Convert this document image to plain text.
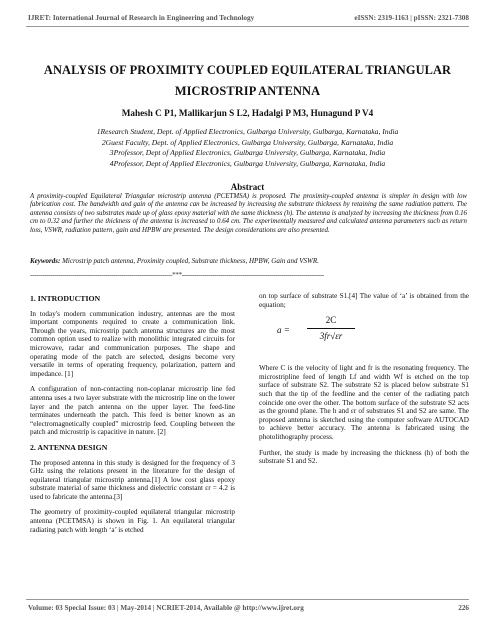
IJRET: International Journal of Research in Engineering and Technology	eISSN: 2319-1163 | pISSN: 2321-7308
ANALYSIS OF PROXIMITY COUPLED EQUILATERAL TRIANGULAR
MICROSTRIP ANTENNA
Mahesh C P1, Mallikarjun S L2, Hadalgi P M3, Hunagund P V4
1Research Student, Dept. of Applied Electronics, Gulbarga University, Gulbarga, Karnataka, India
2Guest Faculty, Dept. of Applied Electronics, Gulbarga University, Gulbarga, Karnataka, India
3Professor, Dept of Applied Electronics, Gulbarga University, Gulbarga, Karnataka, India
4Professor, Dept of Applied Electronics, Gulbarga University, Gulbarga, Karnataka, India
Abstract
A proximity-coupled Equilateral Triangular microstrip antenna (PCETMSA) is proposed. The proximity-coupled antenna is simpler in design with low fabrication cost. The bandwidth and gain of the antenna can be increased by increasing the substrate thickness by retaining the same radiation pattern. The antenna consists of two substrates made up of glass epoxy material with the same thickness (h). The antenna is analyzed by increasing the thickness from 0.16 cm to 0.32 and further the thickness of the antenna is increased to 0.64 cm. The experimentally measured and calculated antenna parameters such as return loss, VSWR, radiation pattern, gain and HPBW are presented. The design considerations are also presented.
Keywords: Microstrip patch antenna, Proximity coupled, Substrate thickness, HPBW, Gain and VSWR.
----------------------------------------------------------------------***----------------------------------------------------------------------
1. INTRODUCTION

In today's modern communication industry, antennas are the most important components required to create a communication link. Through the years, microstrip patch antenna structures are the most common option used to realize with monolithic integrated circuits for microwave, radar and communication purposes. The shape and operating mode of the patch are selected, designs become very versatile in terms of operating frequency, polarization, pattern and impedance. [1]

A configuration of non-contacting non-coplanar microstrip line fed antenna uses a two layer substrate with the microstrip line on the lower layer and the patch antenna on the upper layer. The feed-line terminates underneath the patch. This feed is better known as an “electromagnetically coupled” microstrip feed. Coupling between the patch and microstrip is capacitive in nature. [2]

2. ANTENNA DESIGN

The proposed antenna in this study is designed for the frequency of 3 GHz using the relations present in the literature for the design of equilateral triangular microstrip antenna.[1] A low cost glass epoxy substrate material of same thickness and dielectric constant εr = 4.2 is used to fabricate the antenna.[3]

The geometry of proximity-coupled equilateral triangular microstrip antenna (PCETMSA) is shown in Fig. 1. An equilateral triangular radiating patch with length ‘a’ is etched

on top surface of substrate S1.[4] The value of ‘a’ is obtained from the equation;

a =
2C
3fr√εr

Where C is the velocity of light and fr is the resonating frequency. The microstripline feed of length Lf and width Wf is etched on the top surface of substrate S2. The substrate S2 is placed below substrate S1 such that the tip of the feedline and the center of the radiating patch coincide one over the other. The bottom surface of the substrate S2 acts as the ground plane. The h and εr of substrates S1 and S2 are same. The proposed antenna is sketched using the computer software AUTOCAD to achieve better accuracy. The antenna is fabricated using the photolithography process.

Further, the study is made by increasing the thickness (h) of both the substrate S1 and S2.

Volume: 03 Special Issue: 03 | May-2014 | NCRIET-2014, Available @ http://www.ijret.org	226
